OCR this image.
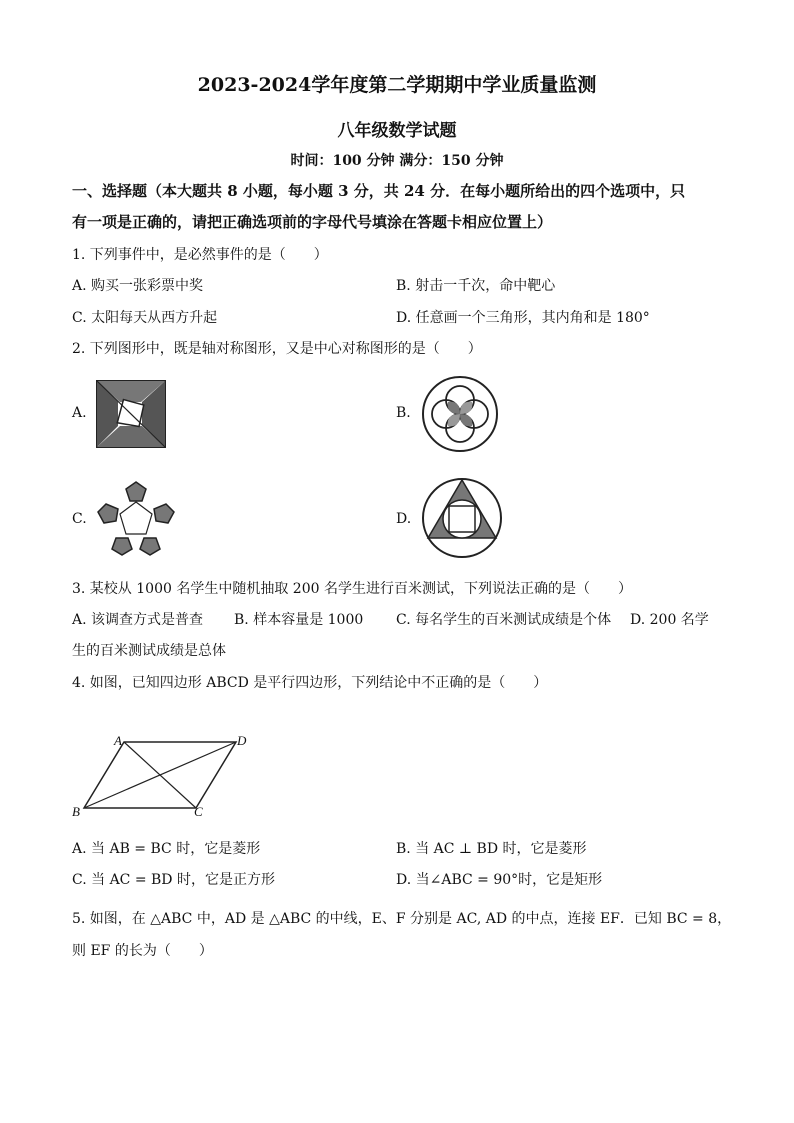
2023-2024学年度第二学期期中学业质量监测
八年级数学试题
时间：100 分钟 满分：150 分钟
一、选择题（本大题共 8 小题，每小题 3 分，共 24 分．在每小题所给出的四个选项中，只
有一项是正确的，请把正确选项前的字母代号填涂在答题卡相应位置上）
1. 下列事件中，是必然事件的是（　　）
A. 购买一张彩票中奖	B. 射击一千次，命中靶心
C. 太阳每天从西方升起	D. 任意画一个三角形，其内角和是 180°
2. 下列图形中，既是轴对称图形，又是中心对称图形的是（　　）
A.	B.
C.	D.
3. 某校从 1000 名学生中随机抽取 200 名学生进行百米测试，下列说法正确的是（　　）
A. 该调查方式是普查 B. 样本容量是 1000 C. 每名学生的百米测试成绩是个体 D. 200 名学
生的百米测试成绩是总体
4. 如图，已知四边形 ABCD 是平行四边形，下列结论中不正确的是（　　）
A	D
B	C
A. 当 AB = BC 时，它是菱形	B. 当 AC ⊥ BD 时，它是菱形
C. 当 AC = BD 时，它是正方形	D. 当∠ABC = 90°时，它是矩形
5. 如图，在 △ABC 中，AD 是 △ABC 的中线，E、F 分别是 AC, AD 的中点，连接 EF．已知 BC = 8，
则 EF 的长为（　　）
